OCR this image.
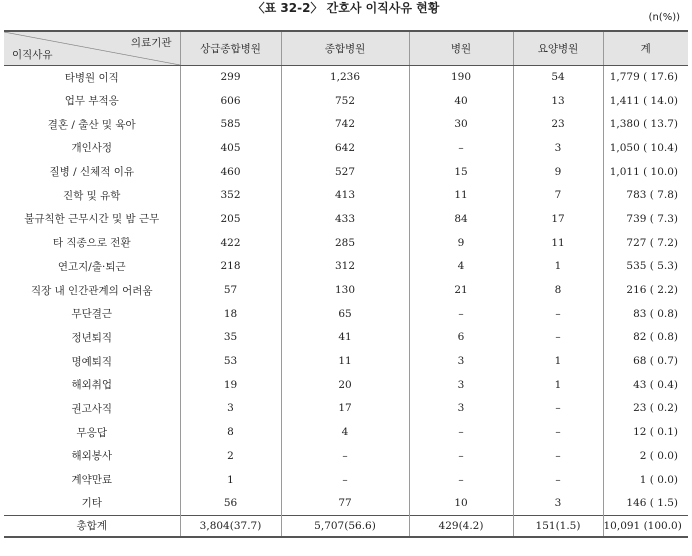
〈표 32-2〉 간호사 이직사유 현황
(n(%))
의료기관
이직사유	상급종합병원	종합병원	병원	요양병원	계
타병원 이직	299	1,236	190	54	1,779 ( 17.6)
업무 부적응	606	752	40	13	1,411 ( 14.0)
결혼 / 출산 및 육아	585	742	30	23	1,380 ( 13.7)
개인사정	405	642	–	3	1,050 ( 10.4)
질병 / 신체적 이유	460	527	15	9	1,011 ( 10.0)
진학 및 유학	352	413	11	7	783 ( 7.8)
불규칙한 근무시간 및 밤 근무	205	433	84	17	739 ( 7.3)
타 직종으로 전환	422	285	9	11	727 ( 7.2)
연고지/출·퇴근	218	312	4	1	535 ( 5.3)
직장 내 인간관계의 어려움	57	130	21	8	216 ( 2.2)
무단결근	18	65	–	–	83 ( 0.8)
정년퇴직	35	41	6	–	82 ( 0.8)
명예퇴직	53	11	3	1	68 ( 0.7)
해외취업	19	20	3	1	43 ( 0.4)
권고사직	3	17	3	–	23 ( 0.2)
무응답	8	4	–	–	12 ( 0.1)
해외봉사	2	–	–	–	2 ( 0.0)
계약만료	1	–	–	–	1 ( 0.0)
기타	56	77	10	3	146 ( 1.5)
총합계	3,804(37.7)	5,707(56.6)	429(4.2)	151(1.5)	10,091 (100.0)
